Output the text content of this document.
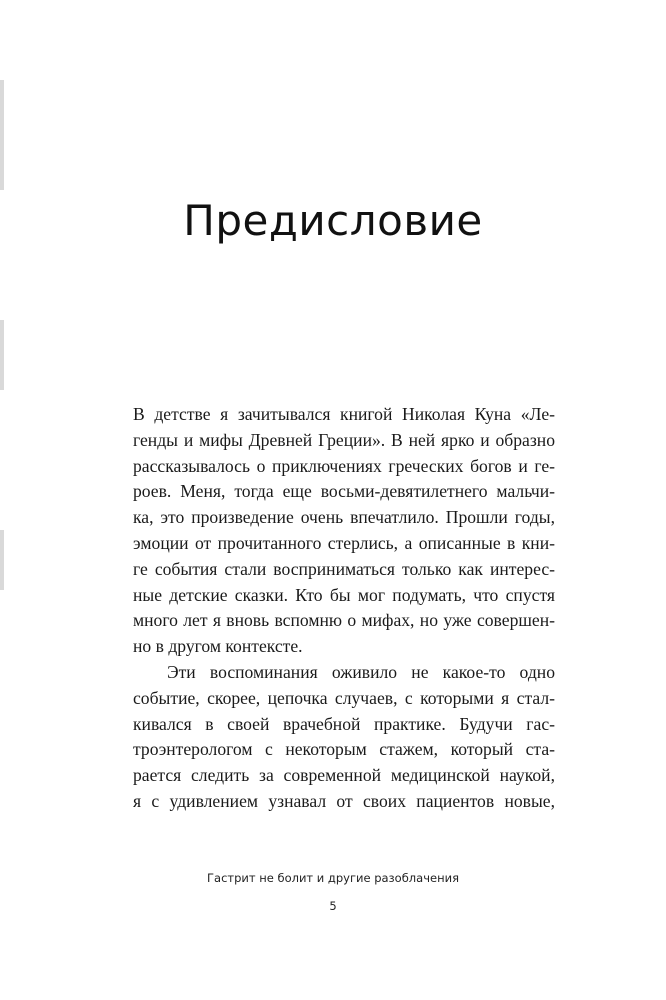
Предисловие
В детстве я зачитывался книгой Николая Куна «Ле-
генды и мифы Древней Греции». В ней ярко и образно
рассказывалось о приключениях греческих богов и ге-
роев. Меня, тогда еще восьми-девятилетнего мальчи-
ка, это произведение очень впечатлило. Прошли годы,
эмоции от прочитанного стерлись, а описанные в кни-
ге события стали восприниматься только как интерес-
ные детские сказки. Кто бы мог подумать, что спустя
много лет я вновь вспомню о мифах, но уже совершен-
но в другом контексте.
Эти воспоминания оживило не какое-то одно
событие, скорее, цепочка случаев, с которыми я стал-
кивался в своей врачебной практике. Будучи гас-
троэнтерологом с некоторым стажем, который ста-
рается следить за современной медицинской наукой,
я с удивлением узнавал от своих пациентов новые,
Гастрит не болит и другие разоблачения
5
